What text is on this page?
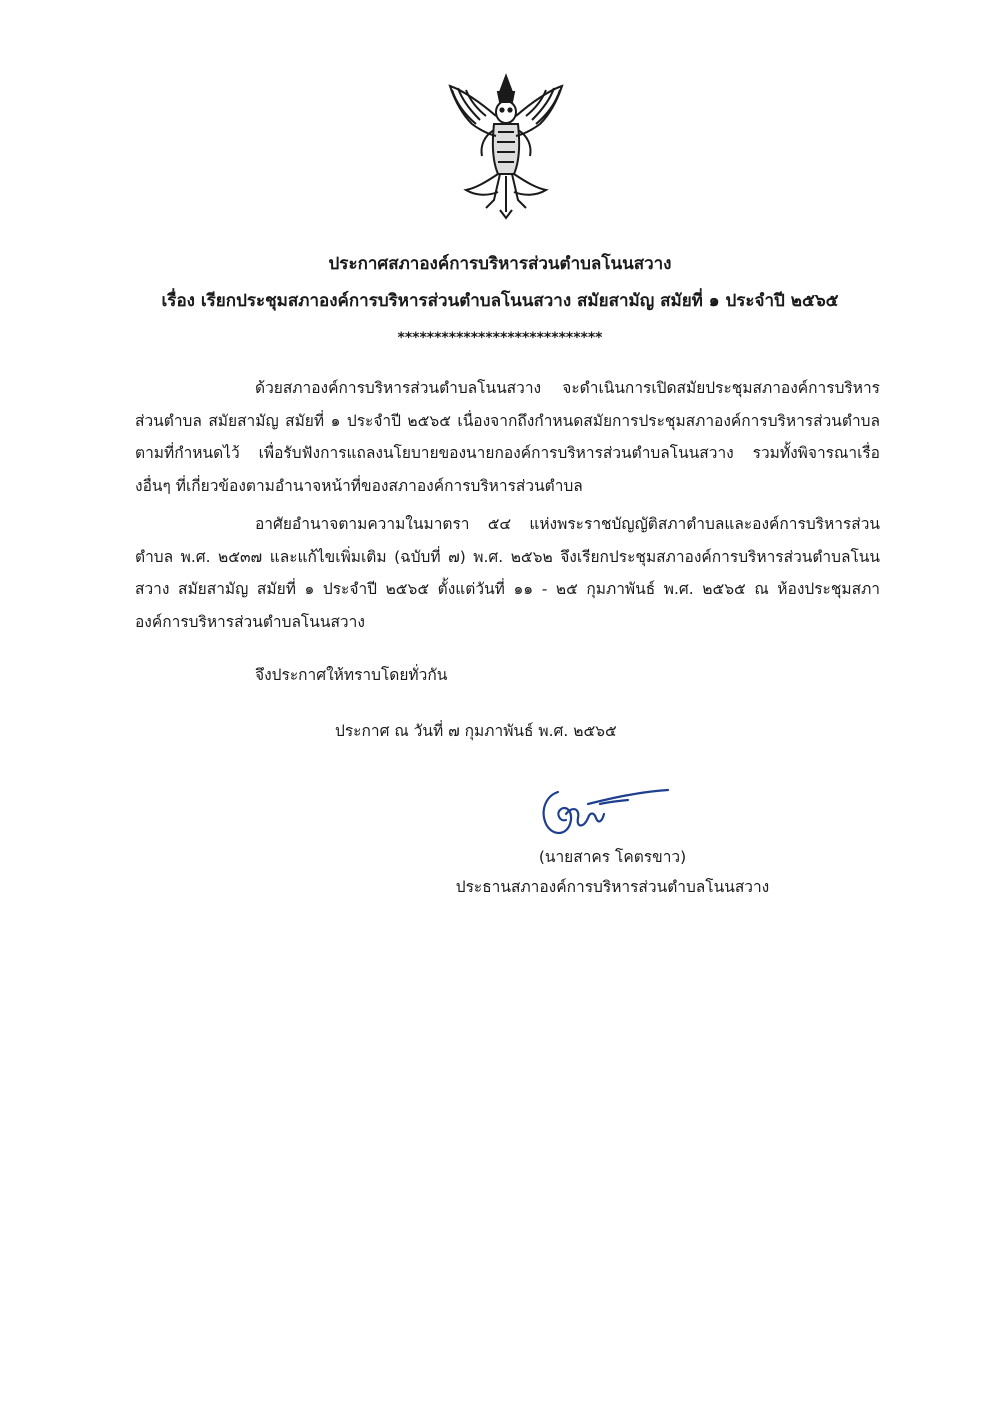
ประกาศสภาองค์การบริหารส่วนตำบลโนนสวาง
เรื่อง เรียกประชุมสภาองค์การบริหารส่วนตำบลโนนสวาง สมัยสามัญ สมัยที่ ๑ ประจำปี ๒๕๖๕
****************************

ด้วยสภาองค์การบริหารส่วนตำบลโนนสวาง จะดำเนินการเปิดสมัยประชุมสภาองค์การบริหารส่วนตำบล สมัยสามัญ สมัยที่ ๑ ประจำปี ๒๕๖๕ เนื่องจากถึงกำหนดสมัยการประชุมสภาองค์การบริหารส่วนตำบล ตามที่กำหนดไว้ เพื่อรับฟังการแถลงนโยบายของนายกองค์การบริหารส่วนตำบลโนนสวาง รวมทั้งพิจารณาเรื่องอื่นๆ ที่เกี่ยวข้องตามอำนาจหน้าที่ของสภาองค์การบริหารส่วนตำบล

อาศัยอำนาจตามความในมาตรา ๕๔ แห่งพระราชบัญญัติสภาตำบลและองค์การบริหารส่วนตำบล พ.ศ. ๒๕๓๗ และแก้ไขเพิ่มเติม (ฉบับที่ ๗) พ.ศ. ๒๕๖๒ จึงเรียกประชุมสภาองค์การบริหารส่วนตำบลโนนสวาง สมัยสามัญ สมัยที่ ๑ ประจำปี ๒๕๖๕ ตั้งแต่วันที่ ๑๑ - ๒๕ กุมภาพันธ์ พ.ศ. ๒๕๖๕ ณ ห้องประชุมสภาองค์การบริหารส่วนตำบลโนนสวาง

จึงประกาศให้ทราบโดยทั่วกัน
ประกาศ ณ วันที่ ๗ กุมภาพันธ์ พ.ศ. ๒๕๖๕
(นายสาคร โคตรขาว)
ประธานสภาองค์การบริหารส่วนตำบลโนนสวาง
